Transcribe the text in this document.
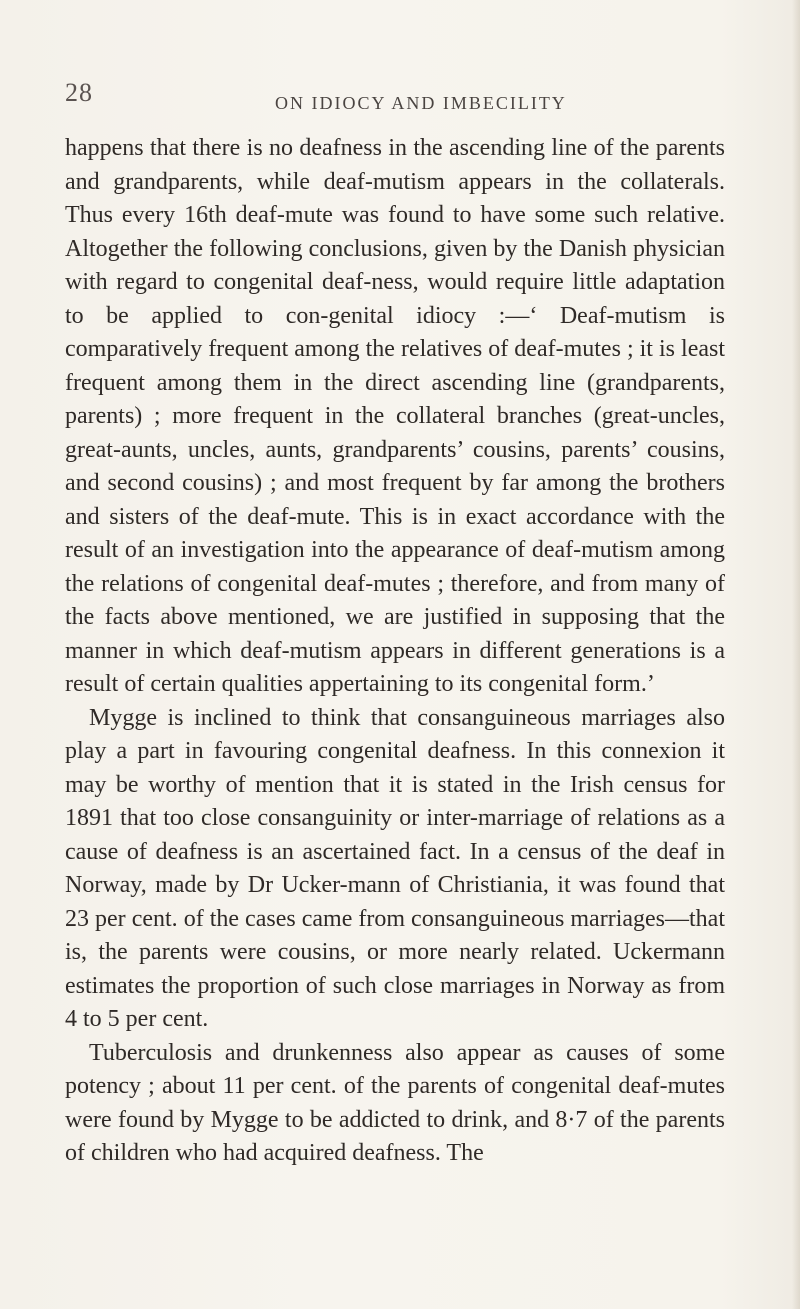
28	ON IDIOCY AND IMBECILITY

happens that there is no deafness in the ascending line of the parents and grandparents, while deaf-mutism appears in the collaterals. Thus every 16th deaf-mute was found to have some such relative. Altogether the following conclusions, given by the Danish physician with regard to congenital deaf-ness, would require little adaptation to be applied to con-genital idiocy :—‘ Deaf-mutism is comparatively frequent among the relatives of deaf-mutes ; it is least frequent among them in the direct ascending line (grandparents, parents) ; more frequent in the collateral branches (great-uncles, great-aunts, uncles, aunts, grandparents’ cousins, parents’ cousins, and second cousins) ; and most frequent by far among the brothers and sisters of the deaf-mute. This is in exact accordance with the result of an investigation into the appearance of deaf-mutism among the relations of congenital deaf-mutes ; therefore, and from many of the facts above mentioned, we are justified in supposing that the manner in which deaf-mutism appears in different generations is a result of certain qualities appertaining to its congenital form.’

Mygge is inclined to think that consanguineous marriages also play a part in favouring congenital deafness. In this connexion it may be worthy of mention that it is stated in the Irish census for 1891 that too close consanguinity or inter-marriage of relations as a cause of deafness is an ascertained fact. In a census of the deaf in Norway, made by Dr Ucker-mann of Christiania, it was found that 23 per cent. of the cases came from consanguineous marriages—that is, the parents were cousins, or more nearly related. Uckermann estimates the proportion of such close marriages in Norway as from 4 to 5 per cent.

Tuberculosis and drunkenness also appear as causes of some potency ; about 11 per cent. of the parents of congenital deaf-mutes were found by Mygge to be addicted to drink, and 8·7 of the parents of children who had acquired deafness. The
